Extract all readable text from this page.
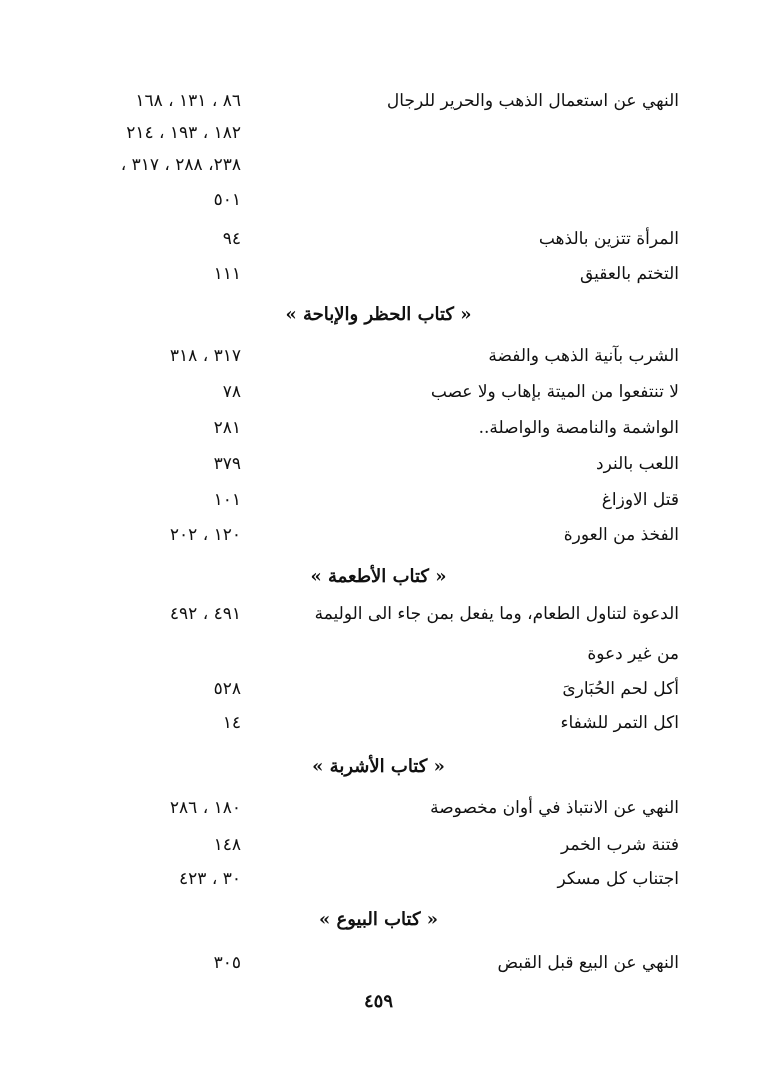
النهي عن استعمال الذهب والحرير للرجال
٨٦ ، ١٣١ ، ١٦٨
١٨٢ ، ١٩٣ ، ٢١٤
٢٣٨، ٢٨٨ ، ٣١٧ ،
٥٠١
المرأة تتزين بالذهب
٩٤
التختم بالعقيق
١١١
« كتاب الحظر والإباحة »
الشرب بآنية الذهب والفضة
٣١٧ ، ٣١٨
لا تنتفعوا من الميتة بإهاب ولا عصب
٧٨
الواشمة والنامصة والواصلة..
٢٨١
اللعب بالنرد
٣٧٩
قتل الاوزاغ
١٠١
الفخذ من العورة
١٢٠ ، ٢٠٢
« كتاب الأطعمة »
الدعوة لتناول الطعام، وما يفعل بمن جاء الى الوليمة
٤٩١ ، ٤٩٢
من غير دعوة
أكل لحم الحُبَارىَ
٥٢٨
اكل التمر للشفاء
١٤
« كتاب الأشربة »
النهي عن الانتباذ في أوان مخصوصة
١٨٠ ، ٢٨٦
فتنة شرب الخمر
١٤٨
اجتناب كل مسكر
٣٠ ، ٤٢٣
« كتاب البيوع »
النهي عن البيع قبل القبض
٣٠٥
٤٥٩
